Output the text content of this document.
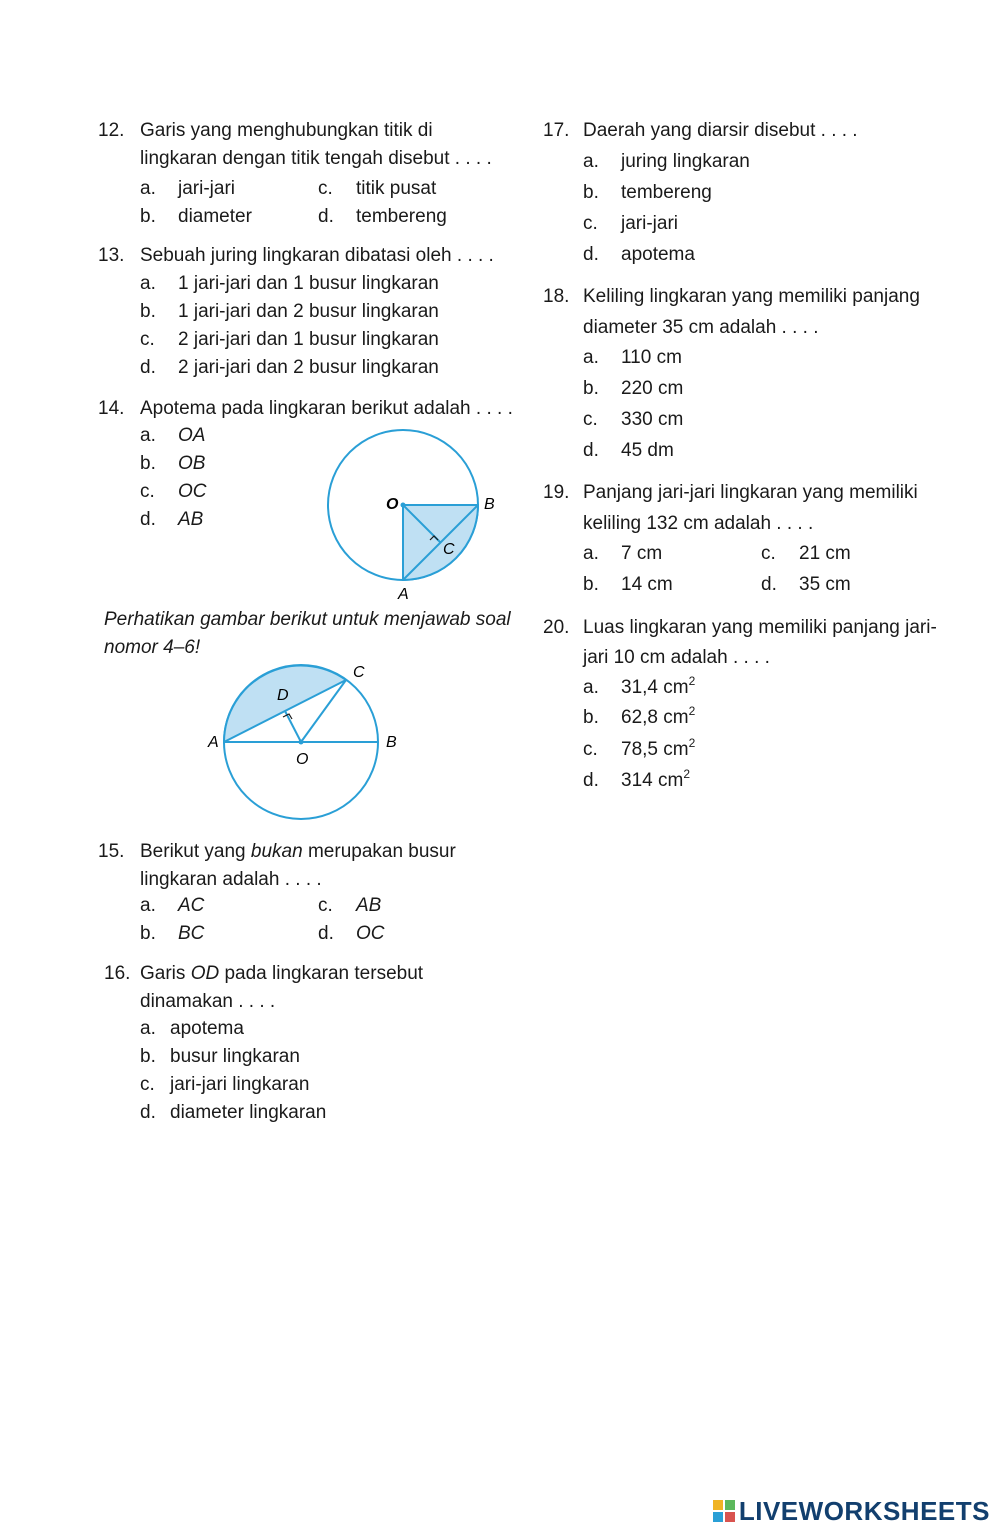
12. Garis yang menghubungkan titik di
lingkaran dengan titik tengah disebut . . . .
a. jari-jari	c. titik pusat
b. diameter	d. tembereng
13. Sebuah juring lingkaran dibatasi oleh . . . .
a. 1 jari-jari dan 1 busur lingkaran
b. 1 jari-jari dan 2 busur lingkaran
c. 2 jari-jari dan 1 busur lingkaran
d. 2 jari-jari dan 2 busur lingkaran
14. Apotema pada lingkaran berikut adalah . . . .
a. OA
b. OB
c. OC
d. AB
O	B
C
A
Perhatikan gambar berikut untuk menjawab soal
nomor 4–6!
C
D
A	B
O
15. Berikut yang bukan merupakan busur
lingkaran adalah . . . .
a. AC	c. AB
b. BC	d. OC
16. Garis OD pada lingkaran tersebut
dinamakan . . . .
a. apotema
b. busur lingkaran
c. jari-jari lingkaran
d. diameter lingkaran
17. Daerah yang diarsir disebut . . . .
a. juring lingkaran
b. tembereng
c. jari-jari
d. apotema
18. Keliling lingkaran yang memiliki panjang
diameter 35 cm adalah . . . .
a. 110 cm
b. 220 cm
c. 330 cm
d. 45 dm
19. Panjang jari-jari lingkaran yang memiliki
keliling 132 cm adalah . . . .
a. 7 cm	c. 21 cm
b. 14 cm	d. 35 cm
20. Luas lingkaran yang memiliki panjang jari-
jari 10 cm adalah . . . .
a. 31,4 $cm^2$
b. 62,8 $cm^2$
c. 78,5 $cm^2$
d. 314 $cm^2$
LIVEWORKSHEETS
